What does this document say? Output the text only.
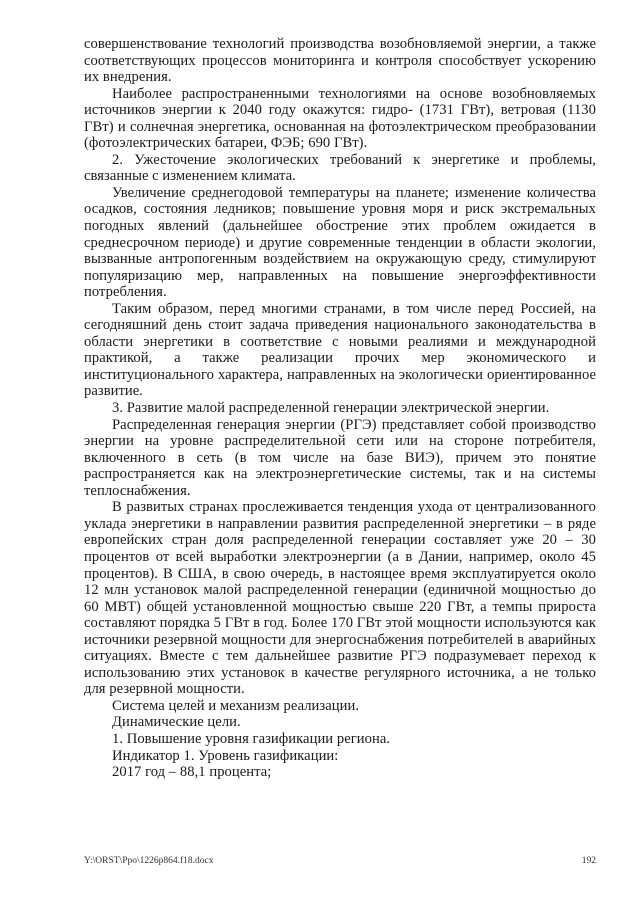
совершенствование технологий производства возобновляемой энергии, а также соответствующих процессов мониторинга и контроля способствует ускорению их внедрения.

Наиболее распространенными технологиями на основе возобновляемых источников энергии к 2040 году окажутся: гидро- (1731 ГВт), ветровая (1130 ГВт) и солнечная энергетика, основанная на фотоэлектрическом преобразовании (фотоэлектрических батареи, ФЭБ; 690 ГВт).

2. Ужесточение экологических требований к энергетике и проблемы, связанные с изменением климата.

Увеличение среднегодовой температуры на планете; изменение количества осадков, состояния ледников; повышение уровня моря и риск экстремальных погодных явлений (дальнейшее обострение этих проблем ожидается в среднесрочном периоде) и другие современные тенденции в области экологии, вызванные антропогенным воздействием на окружающую среду, стимулируют популяризацию мер, направленных на повышение энергоэффективности потребления.

Таким образом, перед многими странами, в том числе перед Россией, на сегодняшний день стоит задача приведения национального законодательства в области энергетики в соответствие с новыми реалиями и международной практикой, а также реализации прочих мер экономического и институционального характера, направленных на экологически ориентированное развитие.

3. Развитие малой распределенной генерации электрической энергии.

Распределенная генерация энергии (РГЭ) представляет собой производство энергии на уровне распределительной сети или на стороне потребителя, включенного в сеть (в том числе на базе ВИЭ), причем это понятие распространяется как на электроэнергетические системы, так и на системы теплоснабжения.

В развитых странах прослеживается тенденция ухода от централизованного уклада энергетики в направлении развития распределенной энергетики – в ряде европейских стран доля распределенной генерации составляет уже 20 – 30 процентов от всей выработки электроэнергии (а в Дании, например, около 45 процентов). В США, в свою очередь, в настоящее время эксплуатируется около 12 млн установок малой распределенной генерации (единичной мощностью до 60 МВТ) общей установленной мощностью свыше 220 ГВт, а темпы прироста составляют порядка 5 ГВт в год. Более 170 ГВт этой мощности используются как источники резервной мощности для энергоснабжения потребителей в аварийных ситуациях. Вместе с тем дальнейшее развитие РГЭ подразумевает переход к использованию этих установок в качестве регулярного источника, а не только для резервной мощности.

Система целей и механизм реализации.

Динамические цели.

1. Повышение уровня газификации региона.

Индикатор 1. Уровень газификации:

2017 год – 88,1 процента;

Y:\ORST\Ppo\1226p864.f18.docx	192
